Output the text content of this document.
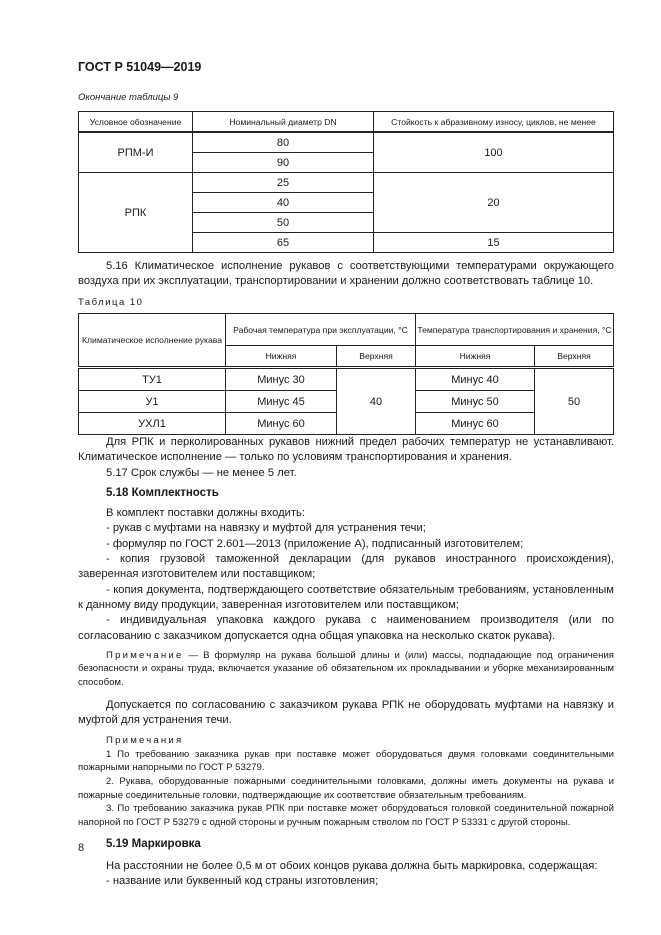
ГОСТ Р 51049—2019
Окончание таблицы 9
Условное обозначение	Номинальный диаметр DN	Стойкость к абразивному износу, циклов, не менее
РПМ-И	80	100
	90	
РПК	25	20
	40	
	50	
	65	15

5.16 Климатическое исполнение рукавов с соответствующими температурами окружающего воздуха при их эксплуатации, транспортировании и хранении должно соответствовать таблице 10.

Таблица 10
Климатическое исполнение рукава	Рабочая температура при эксплуатации, °С		Температура транспортирования и хранения, °С	
	Нижняя	Верхняя	Нижняя	Верхняя
ТУ1	Минус 30	40	Минус 40	50
У1	Минус 45		Минус 50	
УХЛ1	Минус 60		Минус 60	

Для РПК и перколированных рукавов нижний предел рабочих температур не устанавливают. Климатическое исполнение — только по условиям транспортирования и хранения.

5.17 Срок службы — не менее 5 лет.

5.18 Комплектность

В комплект поставки должны входить:

- рукав с муфтами на навязку и муфтой для устранения течи;

- формуляр по ГОСТ 2.601—2013 (приложение А), подписанный изготовителем;

- копия грузовой таможенной декларации (для рукавов иностранного происхождения), заверенная изготовителем или поставщиком;

- копия документа, подтверждающего соответствие обязательным требованиям, установленным к данному виду продукции, заверенная изготовителем или поставщиком;

- индивидуальная упаковка каждого рукава с наименованием производителя (или по согласованию с заказчиком допускается одна общая упаковка на несколько скаток рукава).

Примечание — В формуляр на рукава большой длины и (или) массы, подпадающие под ограничения безопасности и охраны труда, включается указание об обязательном их прокладывании и уборке механизированным способом.

Допускается по согласованию с заказчиком рукава РПК не оборудовать муфтами на навязку и муфтой для устранения течи.

Примечания

1 По требованию заказчика рукав при поставке может оборудоваться двумя головками соединительными пожарными напорными по ГОСТ Р 53279.

2. Рукава, оборудованные пожарными соединительными головками, должны иметь документы на рукава и пожарные соединительные головки, подтверждающие их соответствие обязательным требованиям.

3. По требованию заказчика рукав РПК при поставке может оборудоваться головкой соединительной пожарной напорной по ГОСТ Р 53279 с одной стороны и ручным пожарным стволом по ГОСТ Р 53331 с другой стороны.

5.19 Маркировка

На расстоянии не более 0,5 м от обоих концов рукава должна быть маркировка, содержащая:

- название или буквенный код страны изготовления;

8
